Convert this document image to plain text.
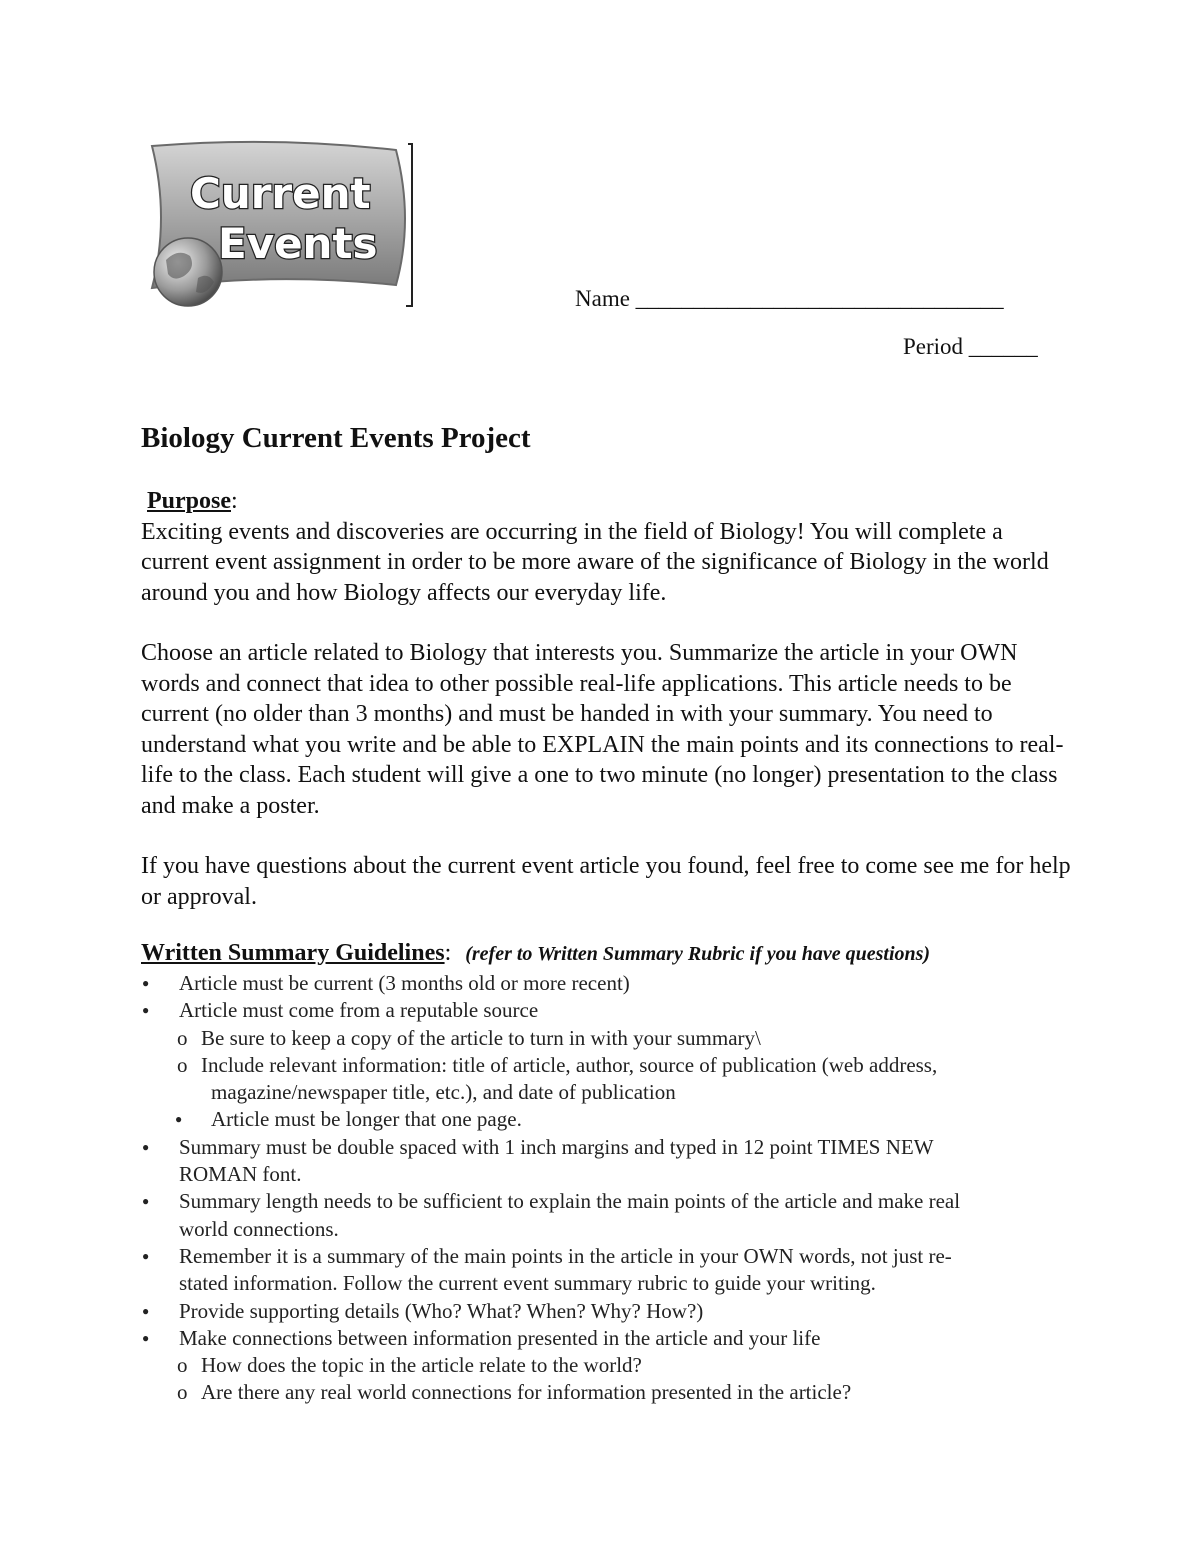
Current
Events
Name ________________________________
Period ______
Biology Current Events Project
Purpose:
Exciting events and discoveries are occurring in the field of Biology! You will complete a current event assignment in order to be more aware of the significance of Biology in the world around you and how Biology affects our everyday life.
Choose an article related to Biology that interests you. Summarize the article in your OWN words and connect that idea to other possible real-life applications. This article needs to be current (no older than 3 months) and must be handed in with your summary. You need to understand what you write and be able to EXPLAIN the main points and its connections to real-life to the class. Each student will give a one to two minute (no longer) presentation to the class and make a poster.
If you have questions about the current event article you found, feel free to come see me for help or approval.
Written Summary Guidelines: (refer to Written Summary Rubric if you have questions)
● Article must be current (3 months old or more recent)
● Article must come from a reputable source
o Be sure to keep a copy of the article to turn in with your summary\
o Include relevant information: title of article, author, source of publication (web address,
magazine/newspaper title, etc.), and date of publication
● Article must be longer that one page.
● Summary must be double spaced with 1 inch margins and typed in 12 point TIMES NEW
ROMAN font.
● Summary length needs to be sufficient to explain the main points of the article and make real
world connections.
● Remember it is a summary of the main points in the article in your OWN words, not just re-
stated information. Follow the current event summary rubric to guide your writing.
● Provide supporting details (Who? What? When? Why? How?)
● Make connections between information presented in the article and your life
o How does the topic in the article relate to the world?
o Are there any real world connections for information presented in the article?
